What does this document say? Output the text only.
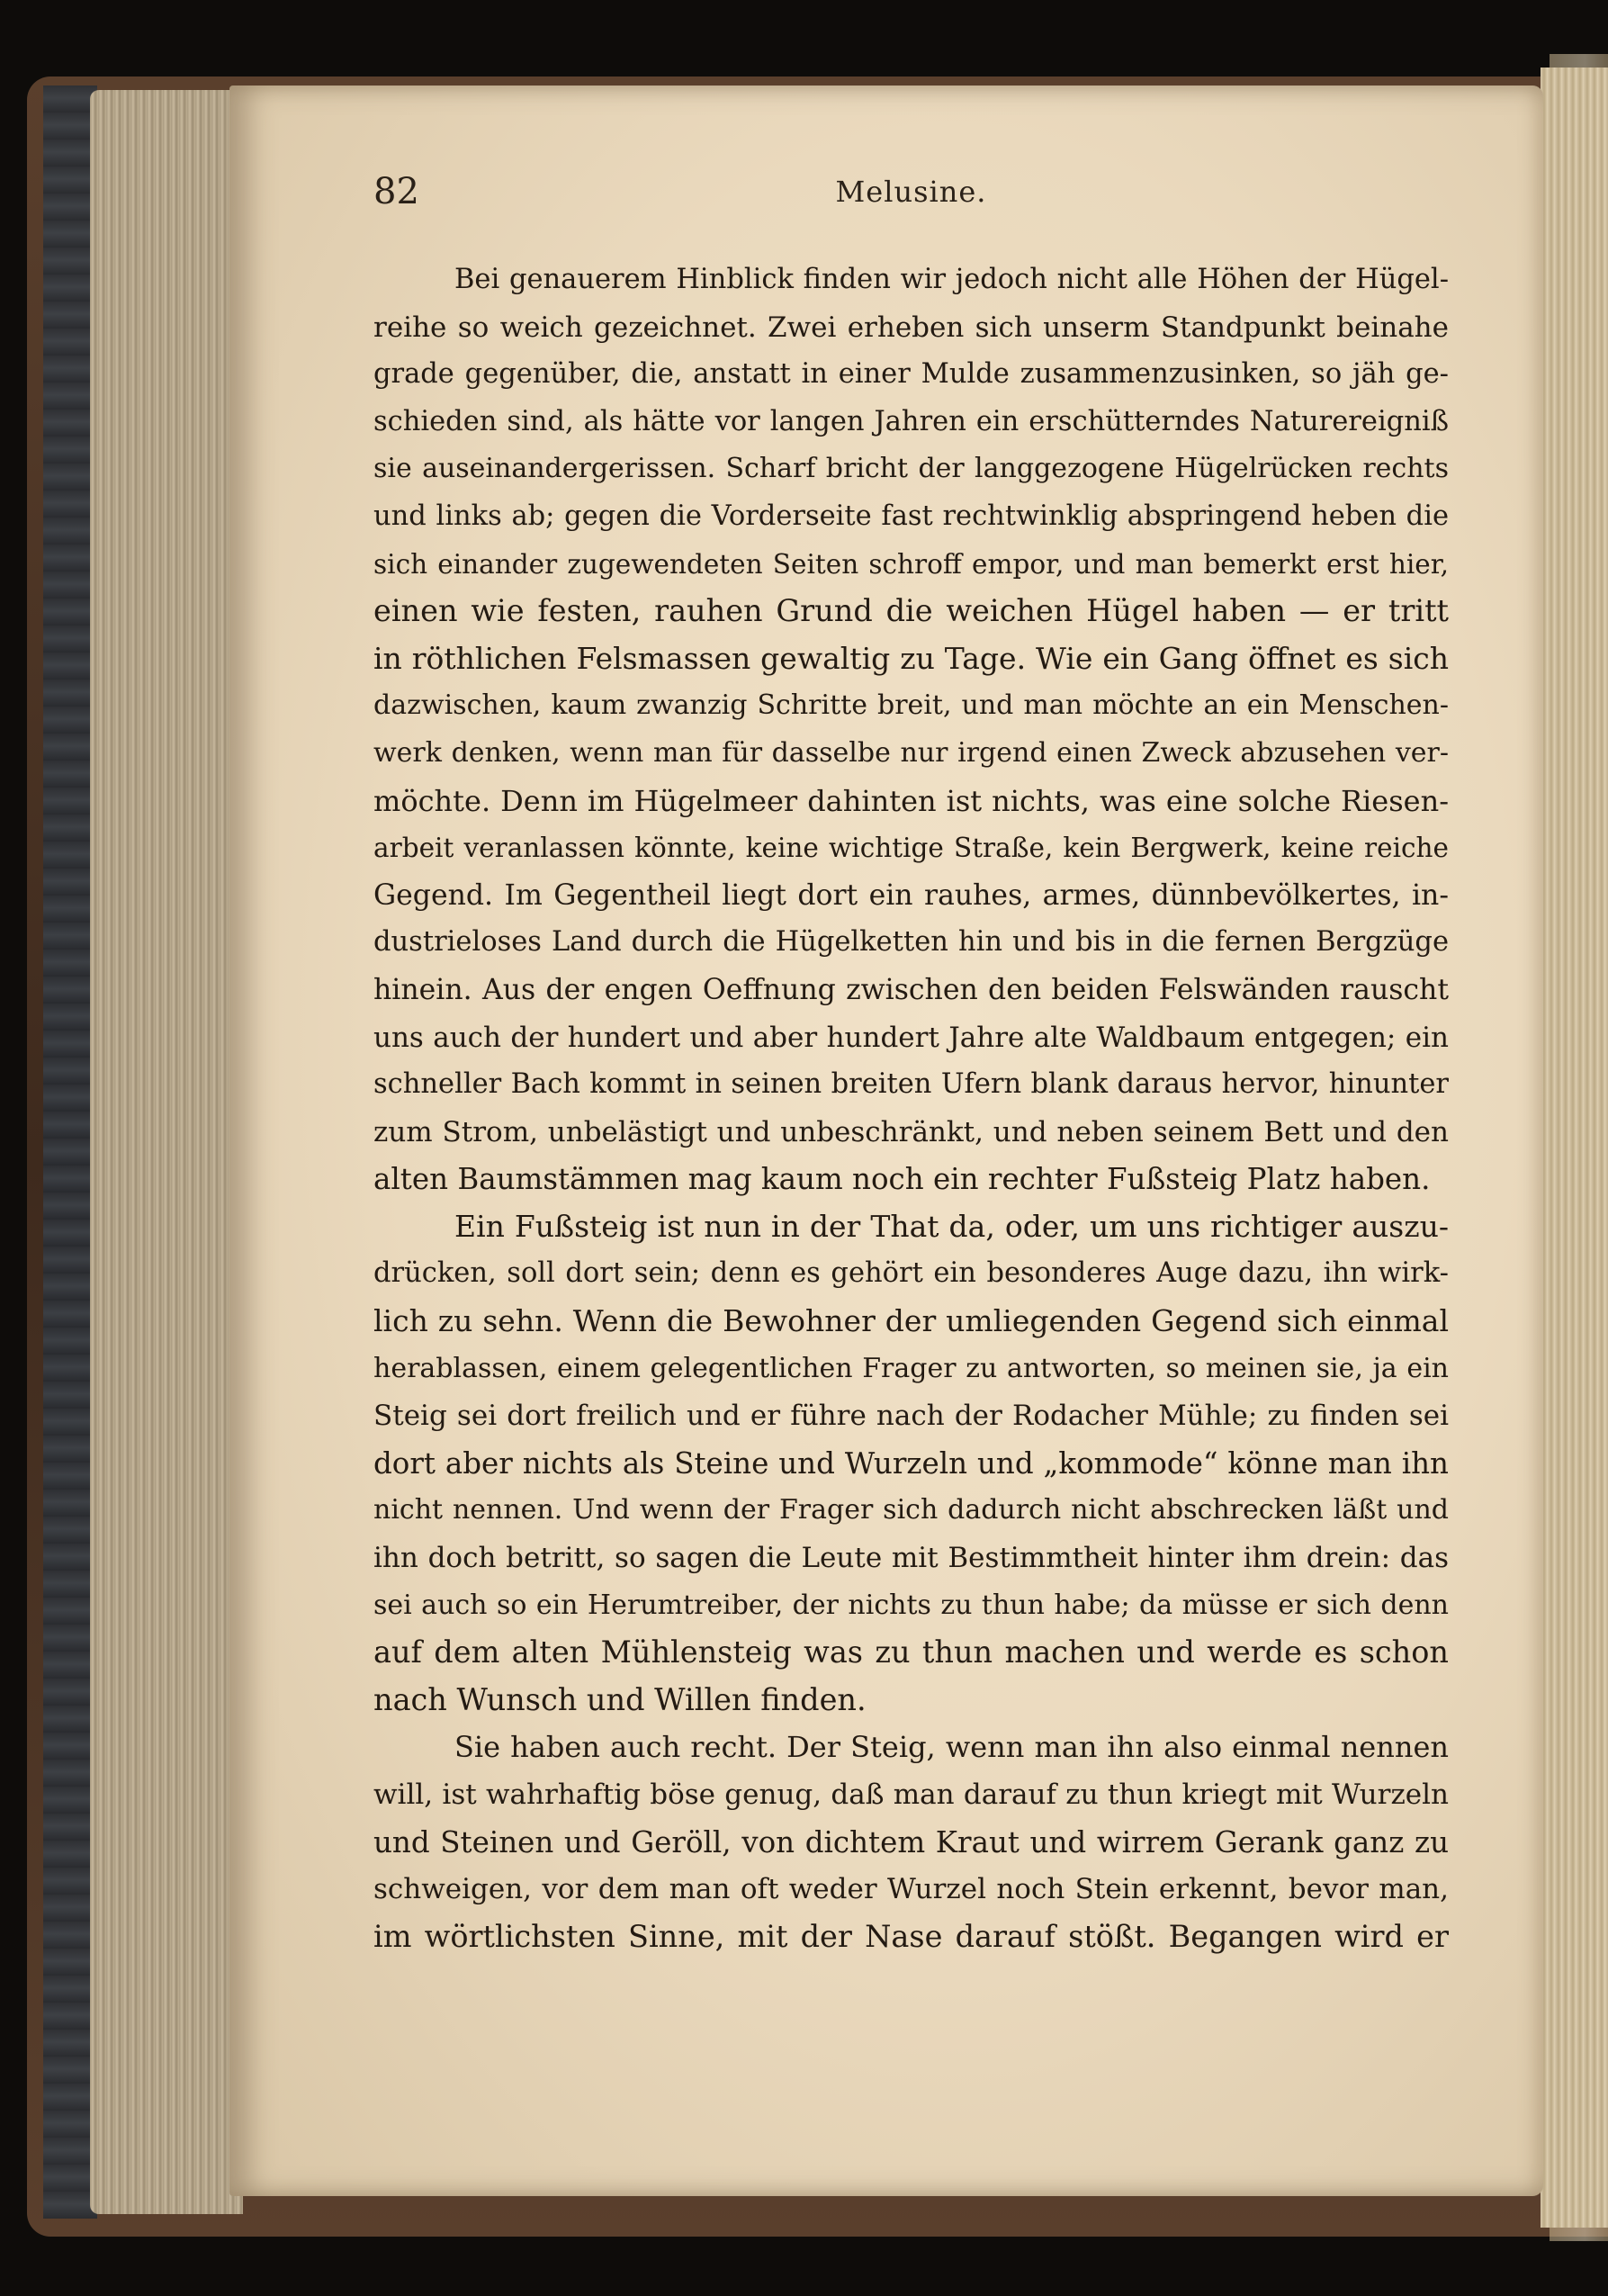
82	Melusine.
Bei genauerem Hinblick finden wir jedoch nicht alle Höhen der Hügel-
reihe so weich gezeichnet. Zwei erheben sich unserm Standpunkt beinahe
grade gegenüber, die, anstatt in einer Mulde zusammenzusinken, so jäh ge-
schieden sind, als hätte vor langen Jahren ein erschütterndes Naturereigniß
sie auseinandergerissen. Scharf bricht der langgezogene Hügelrücken rechts
und links ab; gegen die Vorderseite fast rechtwinklig abspringend heben die
sich einander zugewendeten Seiten schroff empor, und man bemerkt erst hier,
einen wie festen, rauhen Grund die weichen Hügel haben — er tritt
in röthlichen Felsmassen gewaltig zu Tage. Wie ein Gang öffnet es sich
dazwischen, kaum zwanzig Schritte breit, und man möchte an ein Menschen-
werk denken, wenn man für dasselbe nur irgend einen Zweck abzusehen ver-
möchte. Denn im Hügelmeer dahinten ist nichts, was eine solche Riesen-
arbeit veranlassen könnte, keine wichtige Straße, kein Bergwerk, keine reiche
Gegend. Im Gegentheil liegt dort ein rauhes, armes, dünnbevölkertes, in-
dustrieloses Land durch die Hügelketten hin und bis in die fernen Bergzüge
hinein. Aus der engen Oeffnung zwischen den beiden Felswänden rauscht
uns auch der hundert und aber hundert Jahre alte Waldbaum entgegen; ein
schneller Bach kommt in seinen breiten Ufern blank daraus hervor, hinunter
zum Strom, unbelästigt und unbeschränkt, und neben seinem Bett und den
alten Baumstämmen mag kaum noch ein rechter Fußsteig Platz haben.
Ein Fußsteig ist nun in der That da, oder, um uns richtiger auszu-
drücken, soll dort sein; denn es gehört ein besonderes Auge dazu, ihn wirk-
lich zu sehn. Wenn die Bewohner der umliegenden Gegend sich einmal
herablassen, einem gelegentlichen Frager zu antworten, so meinen sie, ja ein
Steig sei dort freilich und er führe nach der Rodacher Mühle; zu finden sei
dort aber nichts als Steine und Wurzeln und „kommode“ könne man ihn
nicht nennen. Und wenn der Frager sich dadurch nicht abschrecken läßt und
ihn doch betritt, so sagen die Leute mit Bestimmtheit hinter ihm drein: das
sei auch so ein Herumtreiber, der nichts zu thun habe; da müsse er sich denn
auf dem alten Mühlensteig was zu thun machen und werde es schon
nach Wunsch und Willen finden.
Sie haben auch recht. Der Steig, wenn man ihn also einmal nennen
will, ist wahrhaftig böse genug, daß man darauf zu thun kriegt mit Wurzeln
und Steinen und Geröll, von dichtem Kraut und wirrem Gerank ganz zu
schweigen, vor dem man oft weder Wurzel noch Stein erkennt, bevor man,
im wörtlichsten Sinne, mit der Nase darauf stößt. Begangen wird er
